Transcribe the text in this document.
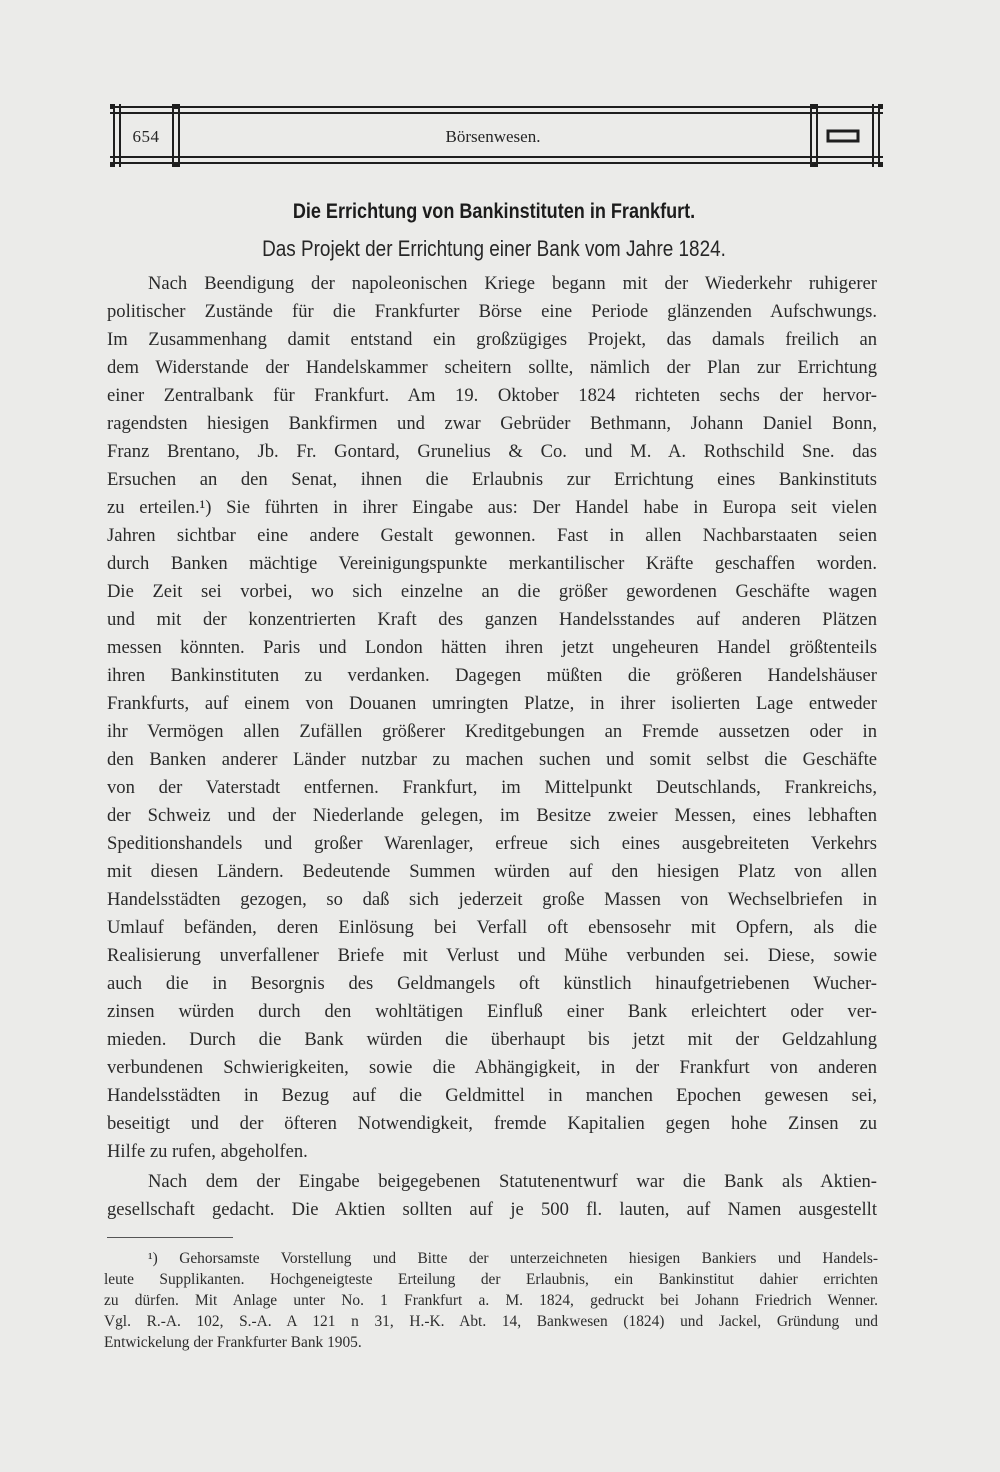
654	Börsenwesen.
Die Errichtung von Bankinstituten in Frankfurt.
Das Projekt der Errichtung einer Bank vom Jahre 1824.
Nach Beendigung der napoleonischen Kriege begann mit der Wiederkehr ruhigerer
politischer Zustände für die Frankfurter Börse eine Periode glänzenden Aufschwungs.
Im Zusammenhang damit entstand ein großzügiges Projekt, das damals freilich an
dem Widerstande der Handelskammer scheitern sollte, nämlich der Plan zur Errichtung
einer Zentralbank für Frankfurt. Am 19. Oktober 1824 richteten sechs der hervor-
ragendsten hiesigen Bankfirmen und zwar Gebrüder Bethmann, Johann Daniel Bonn,
Franz Brentano, Jb. Fr. Gontard, Grunelius & Co. und M. A. Rothschild Sne. das
Ersuchen an den Senat, ihnen die Erlaubnis zur Errichtung eines Bankinstituts
zu erteilen.¹) Sie führten in ihrer Eingabe aus: Der Handel habe in Europa seit vielen
Jahren sichtbar eine andere Gestalt gewonnen. Fast in allen Nachbarstaaten seien
durch Banken mächtige Vereinigungspunkte merkantilischer Kräfte geschaffen worden.
Die Zeit sei vorbei, wo sich einzelne an die größer gewordenen Geschäfte wagen
und mit der konzentrierten Kraft des ganzen Handelsstandes auf anderen Plätzen
messen könnten. Paris und London hätten ihren jetzt ungeheuren Handel größtenteils
ihren Bankinstituten zu verdanken. Dagegen müßten die größeren Handelshäuser
Frankfurts, auf einem von Douanen umringten Platze, in ihrer isolierten Lage entweder
ihr Vermögen allen Zufällen größerer Kreditgebungen an Fremde aussetzen oder in
den Banken anderer Länder nutzbar zu machen suchen und somit selbst die Geschäfte
von der Vaterstadt entfernen. Frankfurt, im Mittelpunkt Deutschlands, Frankreichs,
der Schweiz und der Niederlande gelegen, im Besitze zweier Messen, eines lebhaften
Speditionshandels und großer Warenlager, erfreue sich eines ausgebreiteten Verkehrs
mit diesen Ländern. Bedeutende Summen würden auf den hiesigen Platz von allen
Handelsstädten gezogen, so daß sich jederzeit große Massen von Wechselbriefen in
Umlauf befänden, deren Einlösung bei Verfall oft ebensosehr mit Opfern, als die
Realisierung unverfallener Briefe mit Verlust und Mühe verbunden sei. Diese, sowie
auch die in Besorgnis des Geldmangels oft künstlich hinaufgetriebenen Wucher-
zinsen würden durch den wohltätigen Einfluß einer Bank erleichtert oder ver-
mieden. Durch die Bank würden die überhaupt bis jetzt mit der Geldzahlung
verbundenen Schwierigkeiten, sowie die Abhängigkeit, in der Frankfurt von anderen
Handelsstädten in Bezug auf die Geldmittel in manchen Epochen gewesen sei,
beseitigt und der öfteren Notwendigkeit, fremde Kapitalien gegen hohe Zinsen zu
Hilfe zu rufen, abgeholfen.
Nach dem der Eingabe beigegebenen Statutenentwurf war die Bank als Aktien-
gesellschaft gedacht. Die Aktien sollten auf je 500 fl. lauten, auf Namen ausgestellt
¹) Gehorsamste Vorstellung und Bitte der unterzeichneten hiesigen Bankiers und Handels-
leute Supplikanten. Hochgeneigteste Erteilung der Erlaubnis, ein Bankinstitut dahier errichten
zu dürfen. Mit Anlage unter No. 1 Frankfurt a. M. 1824, gedruckt bei Johann Friedrich Wenner.
Vgl. R.-A. 102, S.-A. A 121 n 31, H.-K. Abt. 14, Bankwesen (1824) und Jackel, Gründung und
Entwickelung der Frankfurter Bank 1905.
